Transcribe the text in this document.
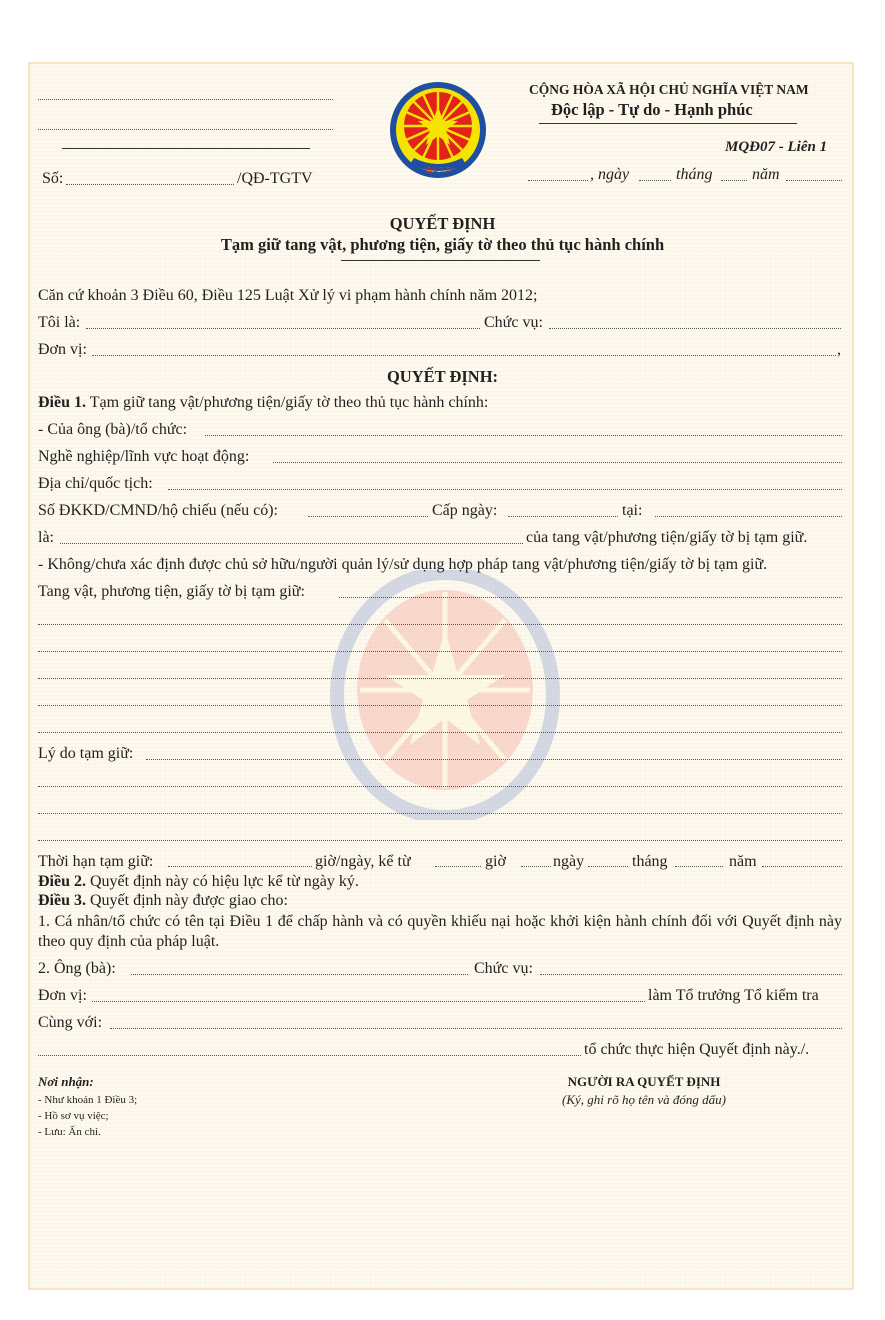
Số:	/QĐ-TGTV	Q L T T
CỘNG HÒA XÃ HỘI CHỦ NGHĨA VIỆT NAM
Độc lập - Tự do - Hạnh phúc
MQĐ07 - Liên 1
, ngày	tháng năm
QUYẾT ĐỊNH
Tạm giữ tang vật, phương tiện, giấy tờ theo thủ tục hành chính
Căn cứ khoản 3 Điều 60, Điều 125 Luật Xử lý vi phạm hành chính năm 2012;
Tôi là:	Chức vụ:
Đơn vị:	,
QUYẾT ĐỊNH:
Điều 1. Tạm giữ tang vật/phương tiện/giấy tờ theo thủ tục hành chính:
- Của ông (bà)/tổ chức:
Nghề nghiệp/lĩnh vực hoạt động:
Địa chỉ/quốc tịch:
Số ĐKKD/CMND/hộ chiếu (nếu có):	Cấp ngày:	tại:
là:	của tang vật/phương tiện/giấy tờ bị tạm giữ.
- Không/chưa xác định được chủ sở hữu/người quản lý/sử dụng hợp pháp tang vật/phương tiện/giấy tờ bị tạm giữ.
Tang vật, phương tiện, giấy tờ bị tạm giữ:
Lý do tạm giữ:
Thời hạn tạm giữ:	giờ/ngày, kể từ	giờ	ngày	tháng	năm
Điều 2. Quyết định này có hiệu lực kể từ ngày ký.
Điều 3. Quyết định này được giao cho:
1. Cá nhân/tổ chức có tên tại Điều 1 để chấp hành và có quyền khiếu nại hoặc khởi kiện hành chính đối với Quyết định này theo quy định của pháp luật.
2. Ông (bà):	Chức vụ:
Đơn vị:	làm Tổ trưởng Tổ kiểm tra
Cùng với:
tổ chức thực hiện Quyết định này./.
Nơi nhận:
- Như khoản 1 Điều 3;
- Hồ sơ vụ việc;
- Lưu: Ấn chỉ.
NGƯỜI RA QUYẾT ĐỊNH
(Ký, ghi rõ họ tên và đóng dấu)
